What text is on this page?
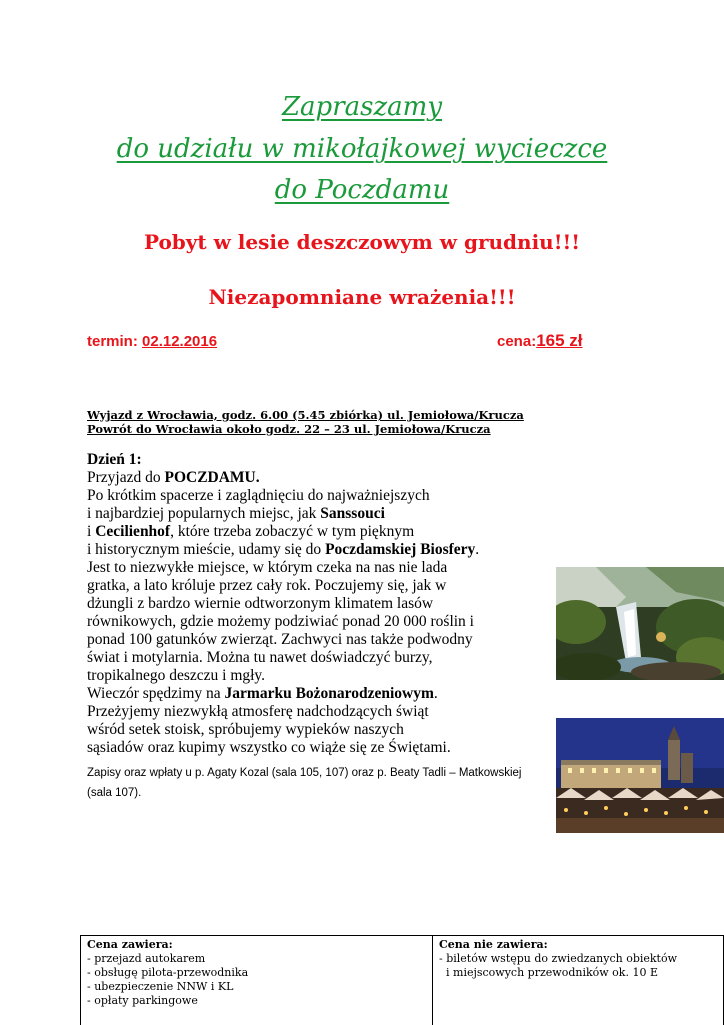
Zapraszamy
do udziału w mikołajkowej wycieczce
do Poczdamu
Pobyt w lesie deszczowym w grudniu!!!
Niezapomniane wrażenia!!!
termin: 02.12.2016	cena:165 zł
Wyjazd z Wrocławia, godz. 6.00 (5.45 zbiórka) ul. Jemiołowa/Krucza
Powrót do Wrocławia około godz. 22 – 23 ul. Jemiołowa/Krucza

Dzień 1:

Przyjazd do POCZDAMU.

Po krótkim spacerze i zaglądnięciu do najważniejszych

i najbardziej popularnych miejsc, jak Sanssouci

i Cecilienhof, które trzeba zobaczyć w tym pięknym

i historycznym mieście, udamy się do Poczdamskiej Biosfery.

Jest to niezwykłe miejsce, w którym czeka na nas nie lada

gratka, a lato króluje przez cały rok. Poczujemy się, jak w

dżungli z bardzo wiernie odtworzonym klimatem lasów

równikowych, gdzie możemy podziwiać ponad 20 000 roślin i

ponad 100 gatunków zwierząt. Zachwyci nas także podwodny

świat i motylarnia. Można tu nawet doświadczyć burzy,

tropikalnego deszczu i mgły.

Wieczór spędzimy na Jarmarku Bożonarodzeniowym.

Przeżyjemy niezwykłą atmosferę nadchodzących świąt

wśród setek stoisk, spróbujemy wypieków naszych

sąsiadów oraz kupimy wszystko co wiąże się ze Świętami.

Zapisy oraz wpłaty u p. Agaty Kozal (sala 105, 107) oraz p. Beaty Tadli – Matkowskiej
(sala 107).
Cena zawiera:
- przejazd autokarem
- obsługę pilota-przewodnika
- ubezpieczenie NNW i KL
- opłaty parkingowe
Cena nie zawiera:
- biletów wstępu do zwiedzanych obiektów
i miejscowych przewodników ok. 10 E
